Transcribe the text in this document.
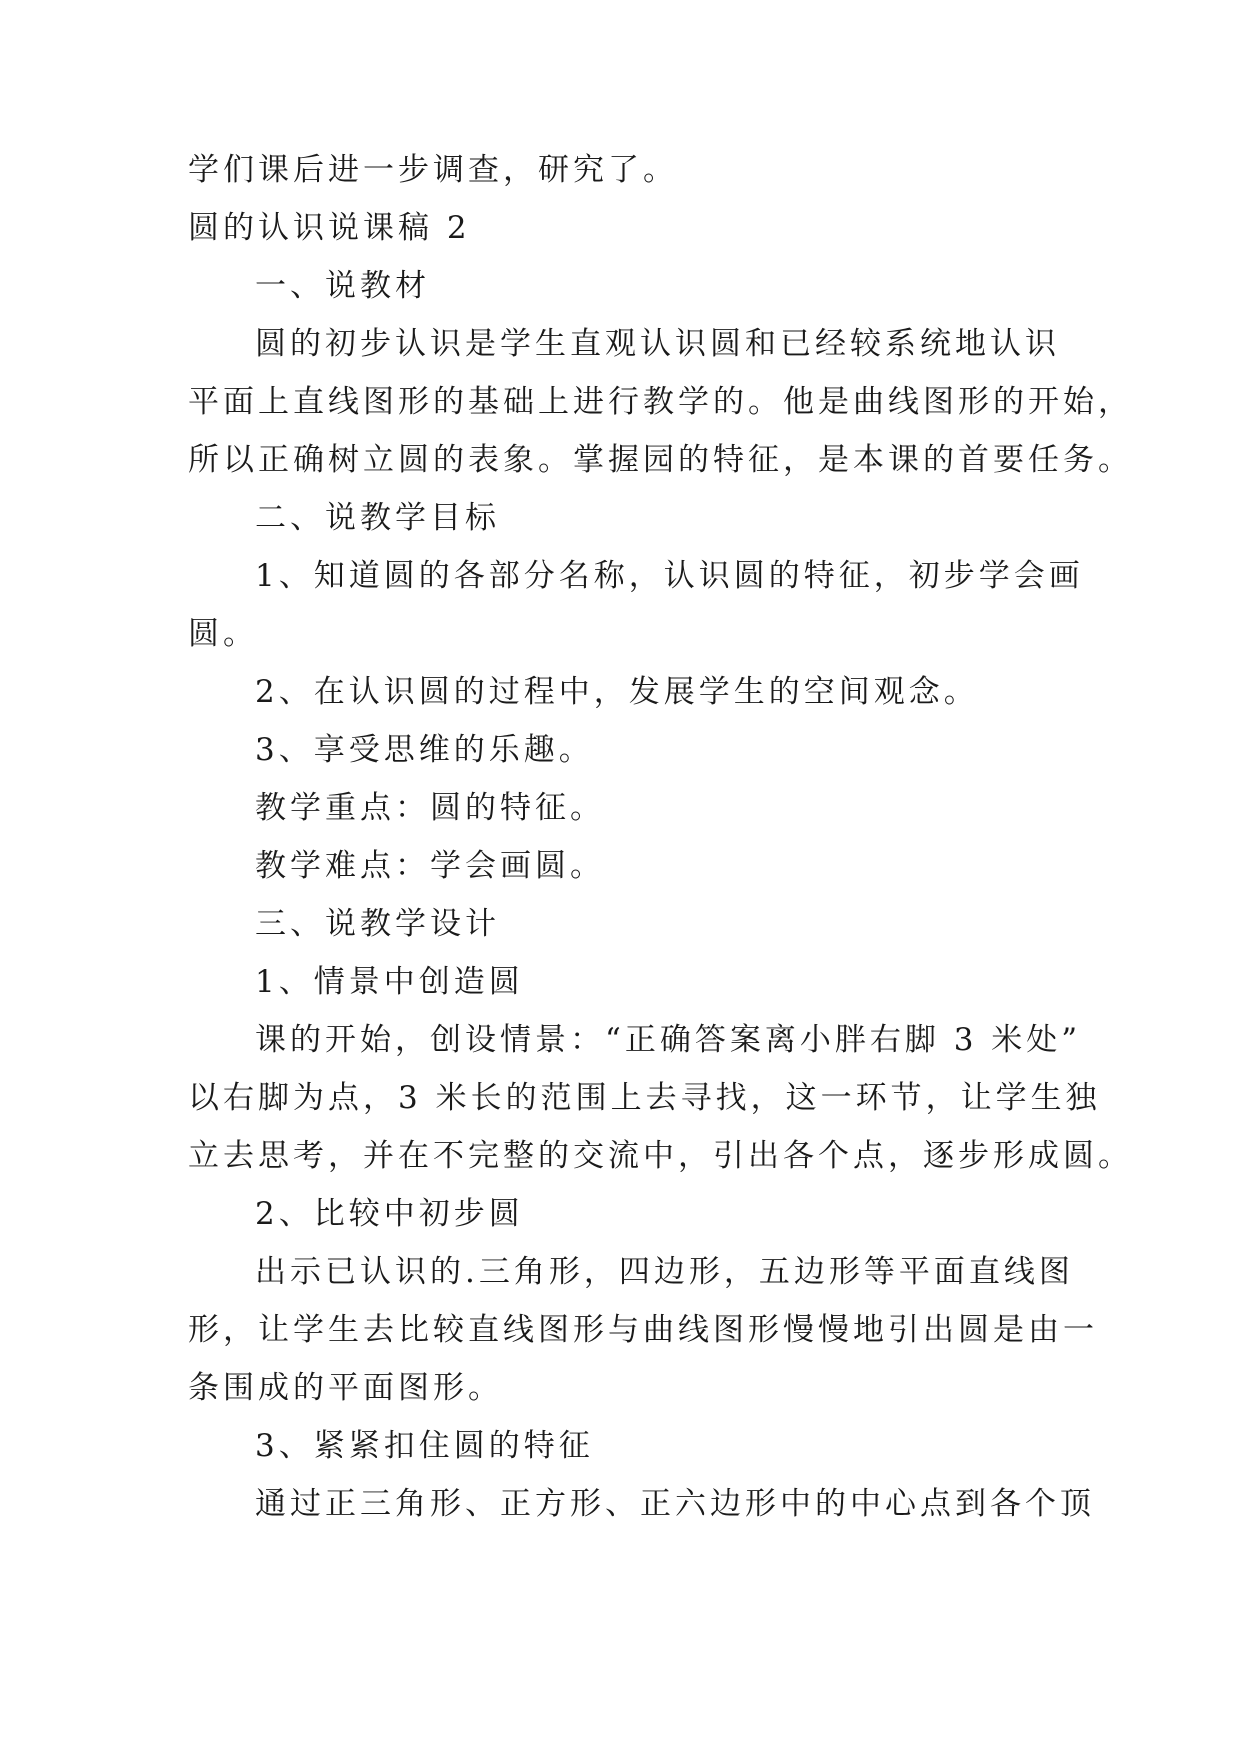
学们课后进一步调查，研究了。
圆的认识说课稿 2
一、说教材
圆的初步认识是学生直观认识圆和已经较系统地认识
平面上直线图形的基础上进行教学的。他是曲线图形的开始，
所以正确树立圆的表象。掌握园的特征，是本课的首要任务。
二、说教学目标
1、知道圆的各部分名称，认识圆的特征，初步学会画
圆。
2、在认识圆的过程中，发展学生的空间观念。
3、享受思维的乐趣。
教学重点：圆的特征。
教学难点：学会画圆。
三、说教学设计
1、情景中创造圆
课的开始，创设情景：“正确答案离小胖右脚 3 米处”
以右脚为点，3 米长的范围上去寻找，这一环节，让学生独
立去思考，并在不完整的交流中，引出各个点，逐步形成圆。
2、比较中初步圆
出示已认识的.三角形，四边形，五边形等平面直线图
形，让学生去比较直线图形与曲线图形慢慢地引出圆是由一
条围成的平面图形。
3、紧紧扣住圆的特征
通过正三角形、正方形、正六边形中的中心点到各个顶
